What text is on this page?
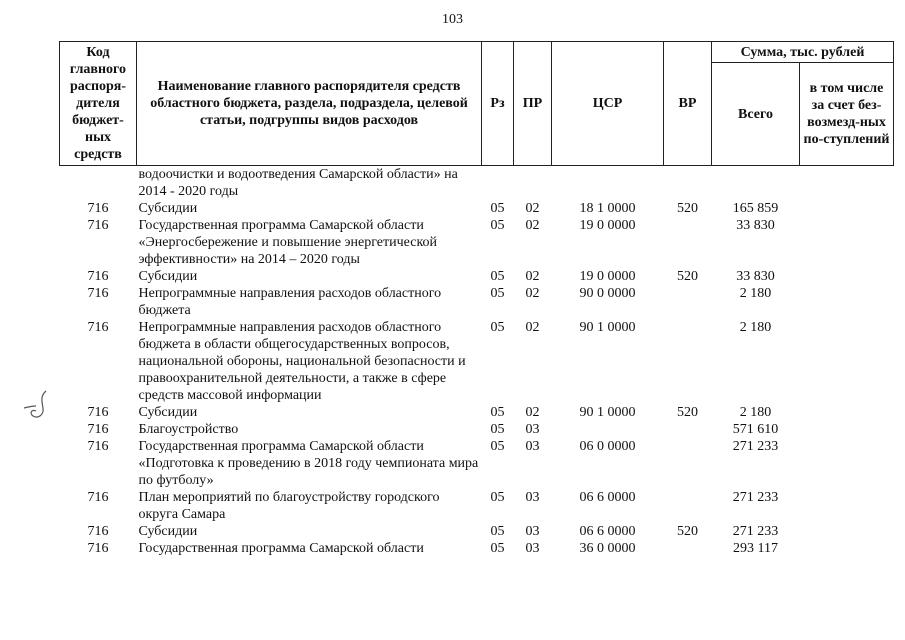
103
Код главного распоря-дителя бюджет-ных средств	Наименование главного распорядителя средств областного бюджета, раздела, подраздела, целевой статьи, подгруппы видов расходов	Рз	ПР	ЦСР	ВР	Сумма, тыс. рублей	
						Всего	в том числе за счет без-возмезд-ных по-ступлений
	водоочистки и водоотведения Самарской области» на 2014 - 2020 годы						
716	Субсидии	05	02	18 1 0000	520	165 859	
716	Государственная программа Самарской области «Энергосбережение и повышение энергетической эффективности» на 2014 – 2020 годы	05	02	19 0 0000		33 830	
716	Субсидии	05	02	19 0 0000	520	33 830	
716	Непрограммные направления расходов областного бюджета	05	02	90 0 0000		2 180	
716	Непрограммные направления расходов областного бюджета в области общегосударственных вопросов, национальной обороны, национальной безопасности и правоохранительной деятельности, а также в сфере средств массовой информации	05	02	90 1 0000		2 180	
716	Субсидии	05	02	90 1 0000	520	2 180	
716	Благоустройство	05	03			571 610	
716	Государственная программа Самарской области «Подготовка к проведению в 2018 году чемпионата мира по футболу»	05	03	06 0 0000		271 233	
716	План мероприятий по благоустройству городского округа Самара	05	03	06 6 0000		271 233	
716	Субсидии	05	03	06 6 0000	520	271 233	
716	Государственная программа Самарской области	05	03	36 0 0000		293 117	
